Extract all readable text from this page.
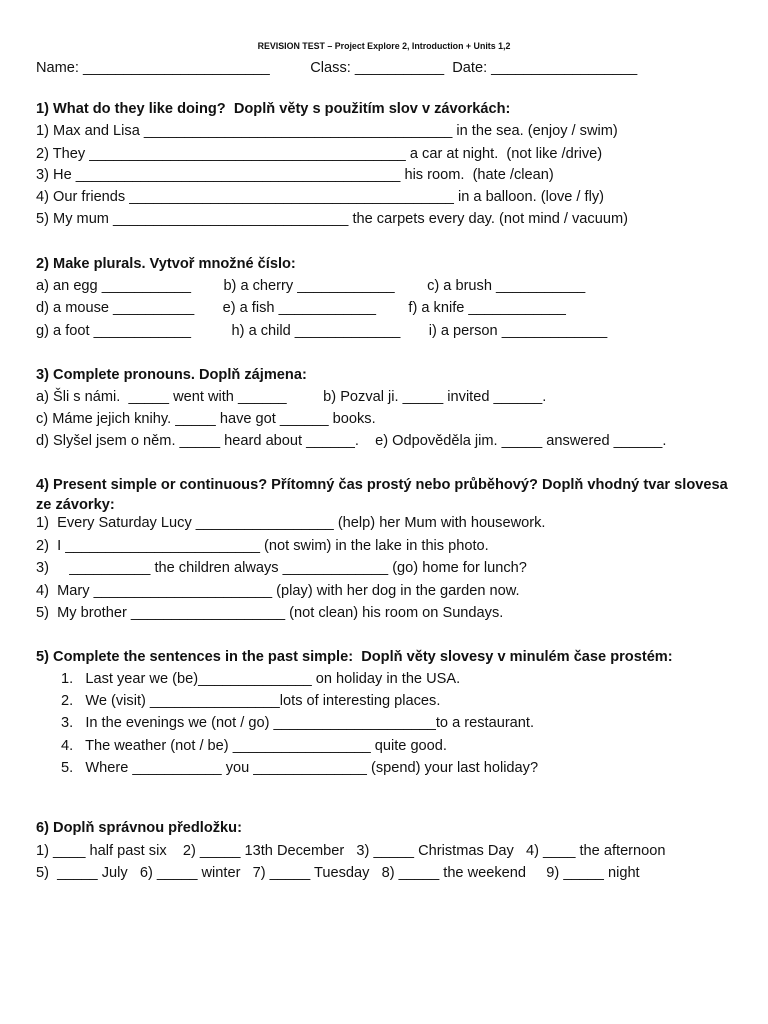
REVISION TEST – Project Explore 2, Introduction + Units 1,2
Name: _______________________          Class: ___________  Date: __________________
1) What do they like doing?  Doplň věty s použitím slov v závorkách:
1) Max and Lisa ______________________________________ in the sea. (enjoy / swim)
2) They _______________________________________ a car at night.  (not like /drive)
3) He ________________________________________ his room.  (hate /clean)
4) Our friends ________________________________________ in a balloon. (love / fly)
5) My mum _____________________________ the carpets every day. (not mind / vacuum)
2) Make plurals. Vytvoř množné číslo:
a) an egg ___________        b) a cherry ____________        c) a brush ___________
d) a mouse __________       e) a fish ____________        f) a knife ____________
g) a foot ____________          h) a child _____________       i) a person _____________
3) Complete pronouns. Doplň zájmena:
a) Šli s námi.  _____ went with ______         b) Pozval ji. _____ invited ______.
c) Máme jejich knihy. _____ have got ______ books.
d) Slyšel jsem o něm. _____ heard about ______.    e) Odpověděla jim. _____ answered ______.
4) Present simple or continuous? Přítomný čas prostý nebo průběhový? Doplň vhodný tvar slovesa
ze závorky:
1)  Every Saturday Lucy _________________ (help) her Mum with housework.
2)  I ________________________ (not swim) in the lake in this photo.
3)     __________ the children always _____________ (go) home for lunch?
4)  Mary ______________________ (play) with her dog in the garden now.
5)  My brother ___________________ (not clean) his room on Sundays.
5) Complete the sentences in the past simple:  Doplň věty slovesy v minulém čase prostém:
1.   Last year we (be)______________ on holiday in the USA.
2.   We (visit) ________________lots of interesting places.
3.   In the evenings we (not / go) ____________________to a restaurant.
4.   The weather (not / be) _________________ quite good.
5.   Where ___________ you ______________ (spend) your last holiday?
6) Doplň správnou předložku:
1) ____ half past six    2) _____ 13th December   3) _____ Christmas Day   4) ____ the afternoon
5)  _____ July   6) _____ winter   7) _____ Tuesday   8) _____ the weekend     9) _____ night
